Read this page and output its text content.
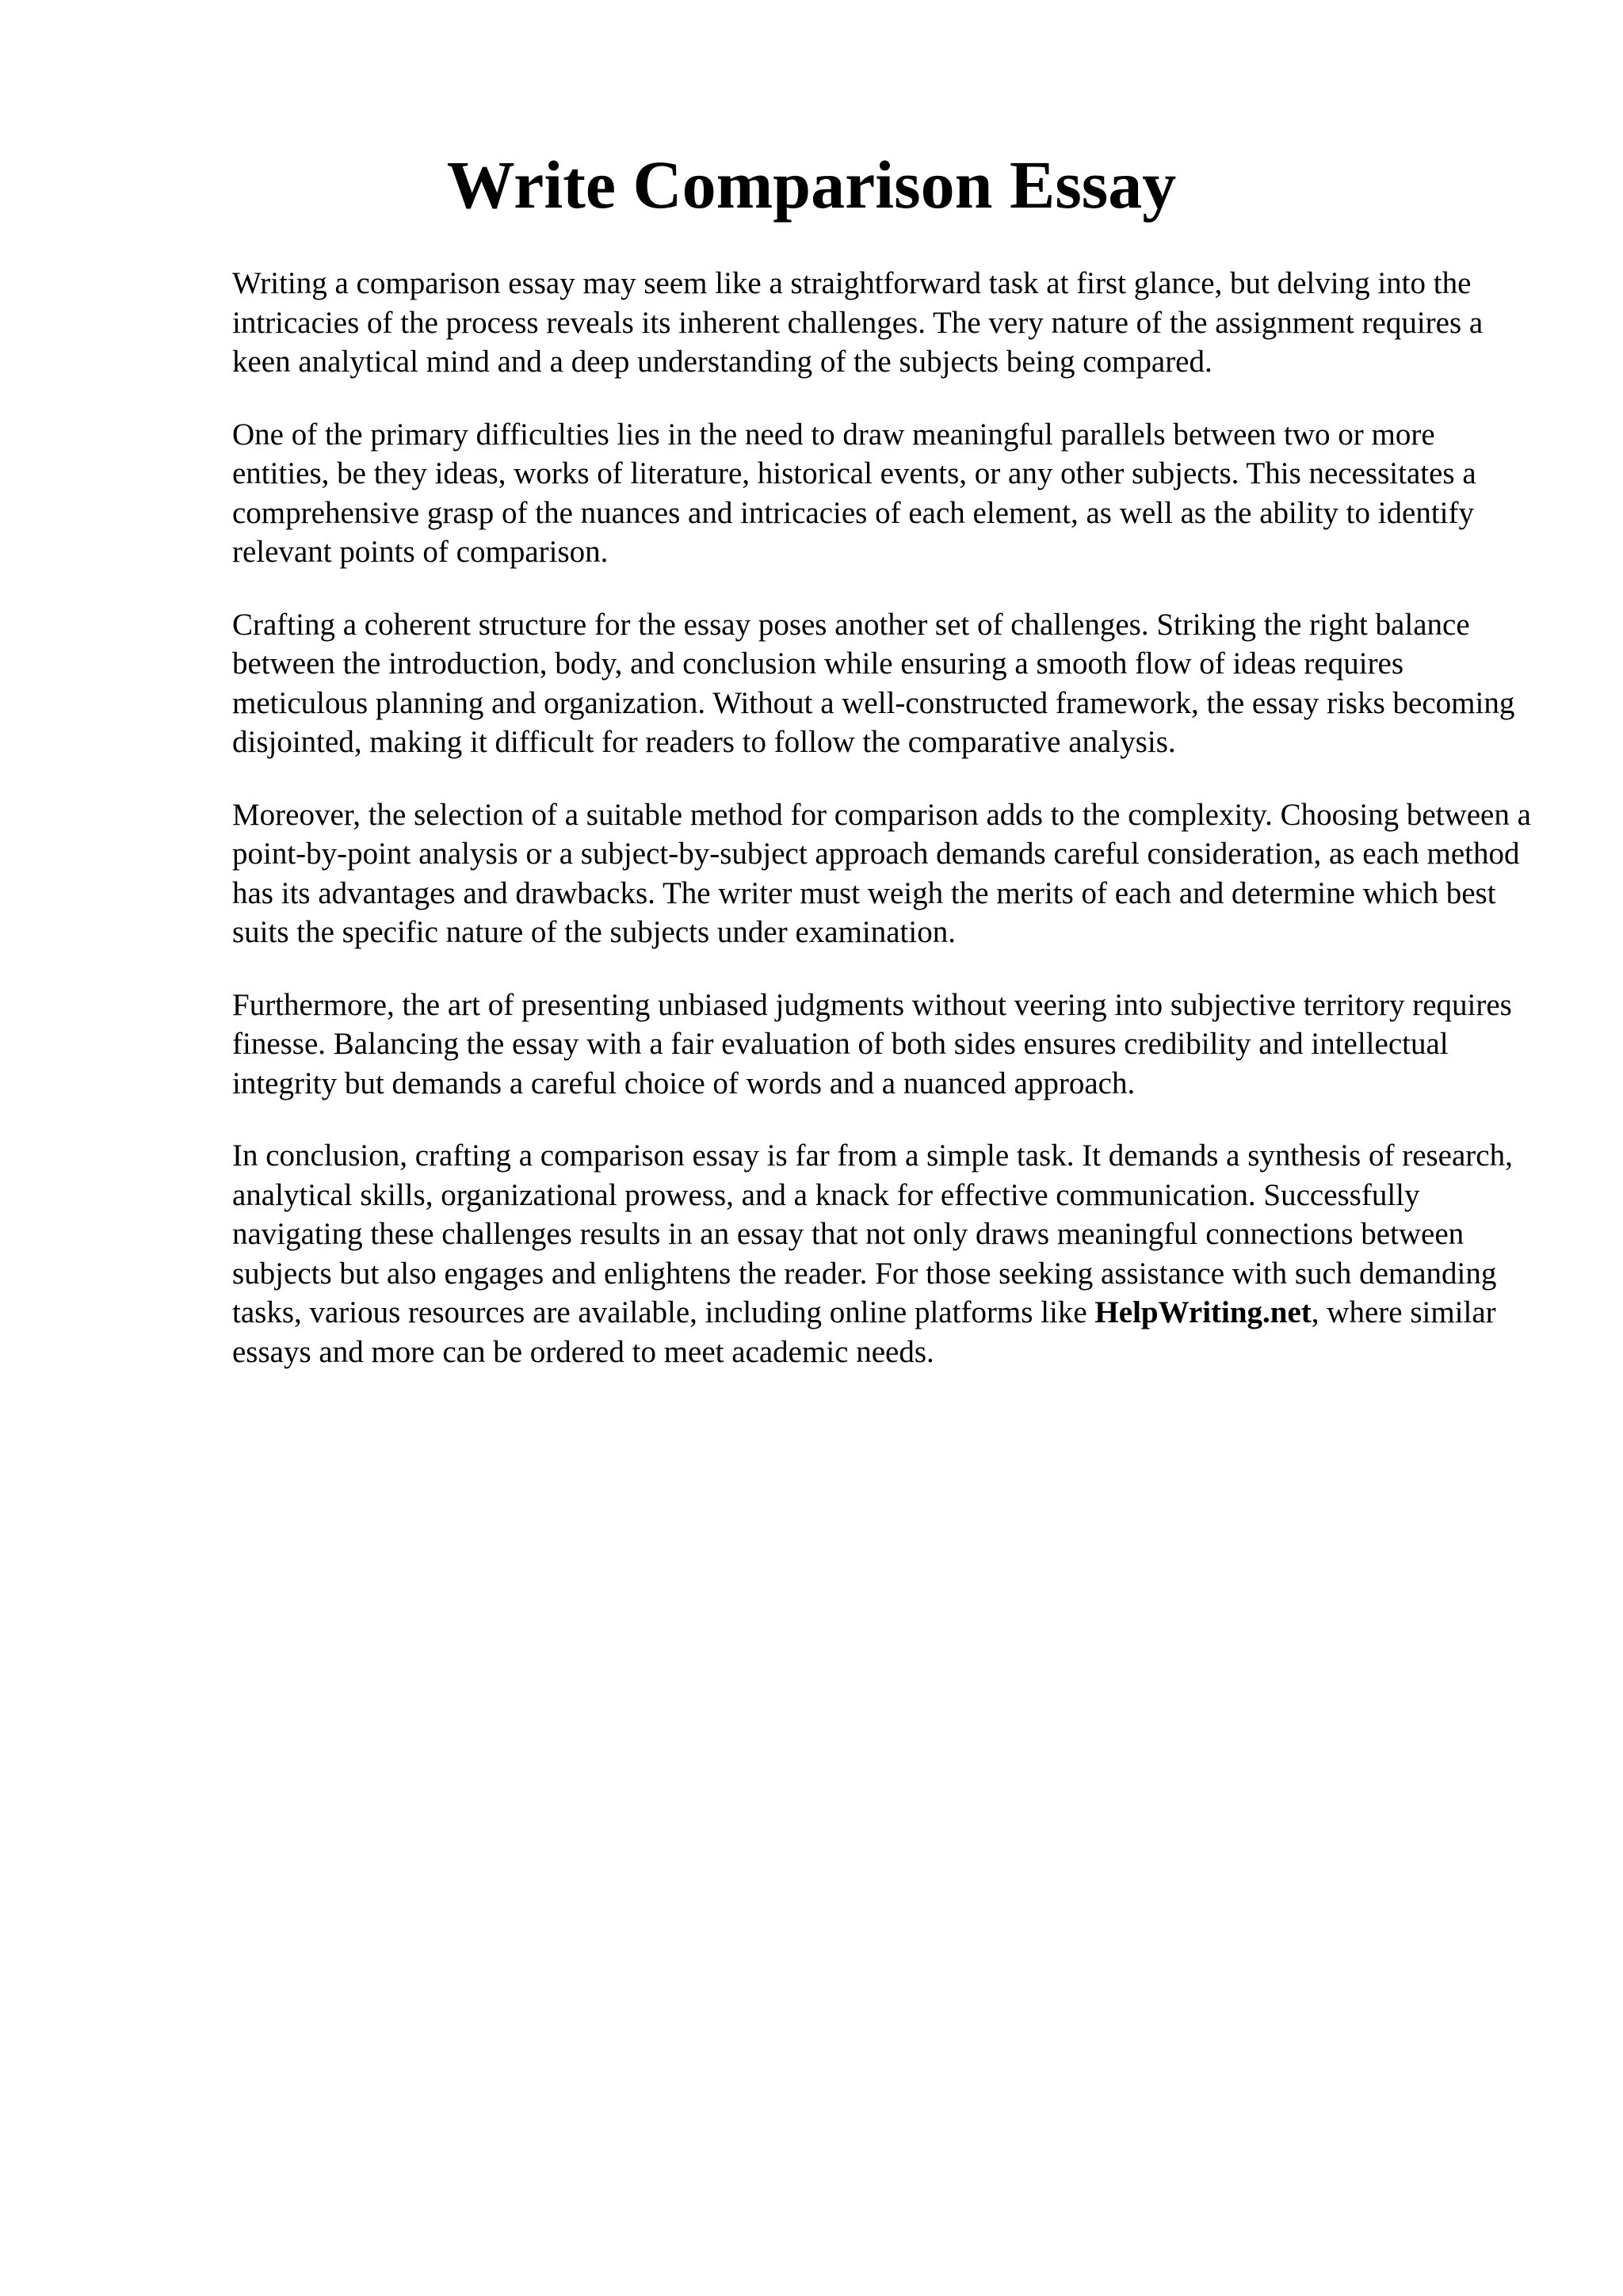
Write Comparison Essay

Writing a comparison essay may seem like a straightforward task at first glance, but delving into the intricacies of the process reveals its inherent challenges. The very nature of the assignment requires a keen analytical mind and a deep understanding of the subjects being compared.

One of the primary difficulties lies in the need to draw meaningful parallels between two or more entities, be they ideas, works of literature, historical events, or any other subjects. This necessitates a comprehensive grasp of the nuances and intricacies of each element, as well as the ability to identify relevant points of comparison.

Crafting a coherent structure for the essay poses another set of challenges. Striking the right balance between the introduction, body, and conclusion while ensuring a smooth flow of ideas requires meticulous planning and organization. Without a well-constructed framework, the essay risks becoming disjointed, making it difficult for readers to follow the comparative analysis.

Moreover, the selection of a suitable method for comparison adds to the complexity. Choosing between a point-by-point analysis or a subject-by-subject approach demands careful consideration, as each method has its advantages and drawbacks. The writer must weigh the merits of each and determine which best suits the specific nature of the subjects under examination.

Furthermore, the art of presenting unbiased judgments without veering into subjective territory requires finesse. Balancing the essay with a fair evaluation of both sides ensures credibility and intellectual integrity but demands a careful choice of words and a nuanced approach.

In conclusion, crafting a comparison essay is far from a simple task. It demands a synthesis of research, analytical skills, organizational prowess, and a knack for effective communication. Successfully navigating these challenges results in an essay that not only draws meaningful connections between subjects but also engages and enlightens the reader. For those seeking assistance with such demanding tasks, various resources are available, including online platforms like HelpWriting.net, where similar essays and more can be ordered to meet academic needs.
